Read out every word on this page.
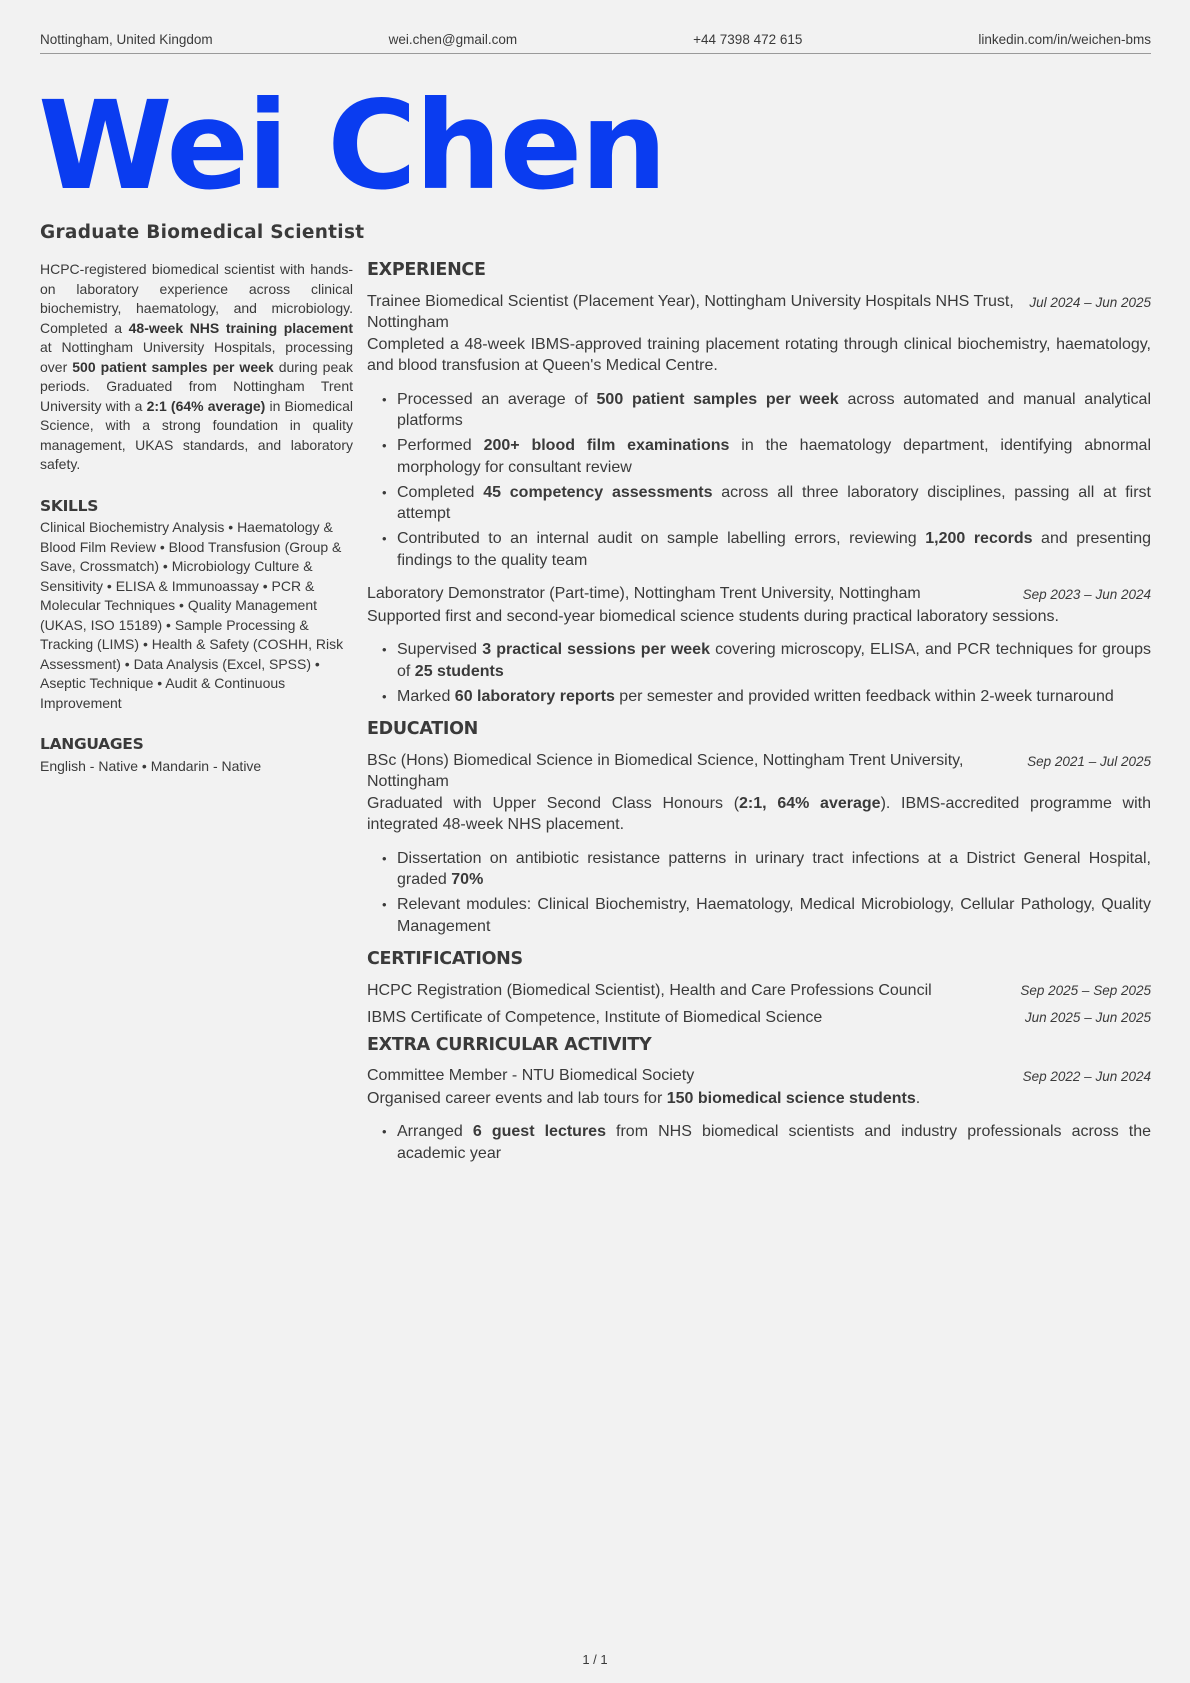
Nottingham, United Kingdom	wei.chen@gmail.com	+44 7398 472 615	linkedin.com/in/weichen-bms
Wei Chen
Graduate Biomedical Scientist

HCPC-registered biomedical scientist with hands-on laboratory experience across clinical biochemistry, haematology, and microbiology. Completed a 48-week NHS training placement at Nottingham University Hospitals, processing over 500 patient samples per week during peak periods. Graduated from Nottingham Trent University with a 2:1 (64% average) in Biomedical Science, with a strong foundation in quality management, UKAS standards, and laboratory safety.

SKILLS

Clinical Biochemistry Analysis • Haematology & Blood Film Review • Blood Transfusion (Group & Save, Crossmatch) • Microbiology Culture & Sensitivity • ELISA & Immunoassay • PCR & Molecular Techniques • Quality Management (UKAS, ISO 15189) • Sample Processing & Tracking (LIMS) • Health & Safety (COSHH, Risk Assessment) • Data Analysis (Excel, SPSS) • Aseptic Technique • Audit & Continuous Improvement

LANGUAGES

English - Native • Mandarin - Native

EXPERIENCE
Trainee Biomedical Scientist (Placement Year), Nottingham University Hospitals NHS Trust, Nottingham
Jul 2024 – Jun 2025

Completed a 48-week IBMS-approved training placement rotating through clinical biochemistry, haematology, and blood transfusion at Queen's Medical Centre.

• Processed an average of 500 patient samples per week across automated and manual analytical platforms
• Performed 200+ blood film examinations in the haematology department, identifying abnormal morphology for consultant review
• Completed 45 competency assessments across all three laboratory disciplines, passing all at first attempt
• Contributed to an internal audit on sample labelling errors, reviewing 1,200 records and presenting findings to the quality team
Laboratory Demonstrator (Part-time), Nottingham Trent University, Nottingham	Sep 2023 – Jun 2024

Supported first and second-year biomedical science students during practical laboratory sessions.

• Supervised 3 practical sessions per week covering microscopy, ELISA, and PCR techniques for groups of 25 students
• Marked 60 laboratory reports per semester and provided written feedback within 2-week turnaround
EDUCATION
BSc (Hons) Biomedical Science in Biomedical Science, Nottingham Trent University, Nottingham
Sep 2021 – Jul 2025

Graduated with Upper Second Class Honours (2:1, 64% average). IBMS-accredited programme with integrated 48-week NHS placement.

• Dissertation on antibiotic resistance patterns in urinary tract infections at a District General Hospital, graded 70%
• Relevant modules: Clinical Biochemistry, Haematology, Medical Microbiology, Cellular Pathology, Quality Management
CERTIFICATIONS
HCPC Registration (Biomedical Scientist), Health and Care Professions Council	Sep 2025 – Sep 2025
IBMS Certificate of Competence, Institute of Biomedical Science	Jun 2025 – Jun 2025
EXTRA CURRICULAR ACTIVITY
Committee Member - NTU Biomedical Society	Sep 2022 – Jun 2024

Organised career events and lab tours for 150 biomedical science students.

• Arranged 6 guest lectures from NHS biomedical scientists and industry professionals across the academic year
1 / 1
